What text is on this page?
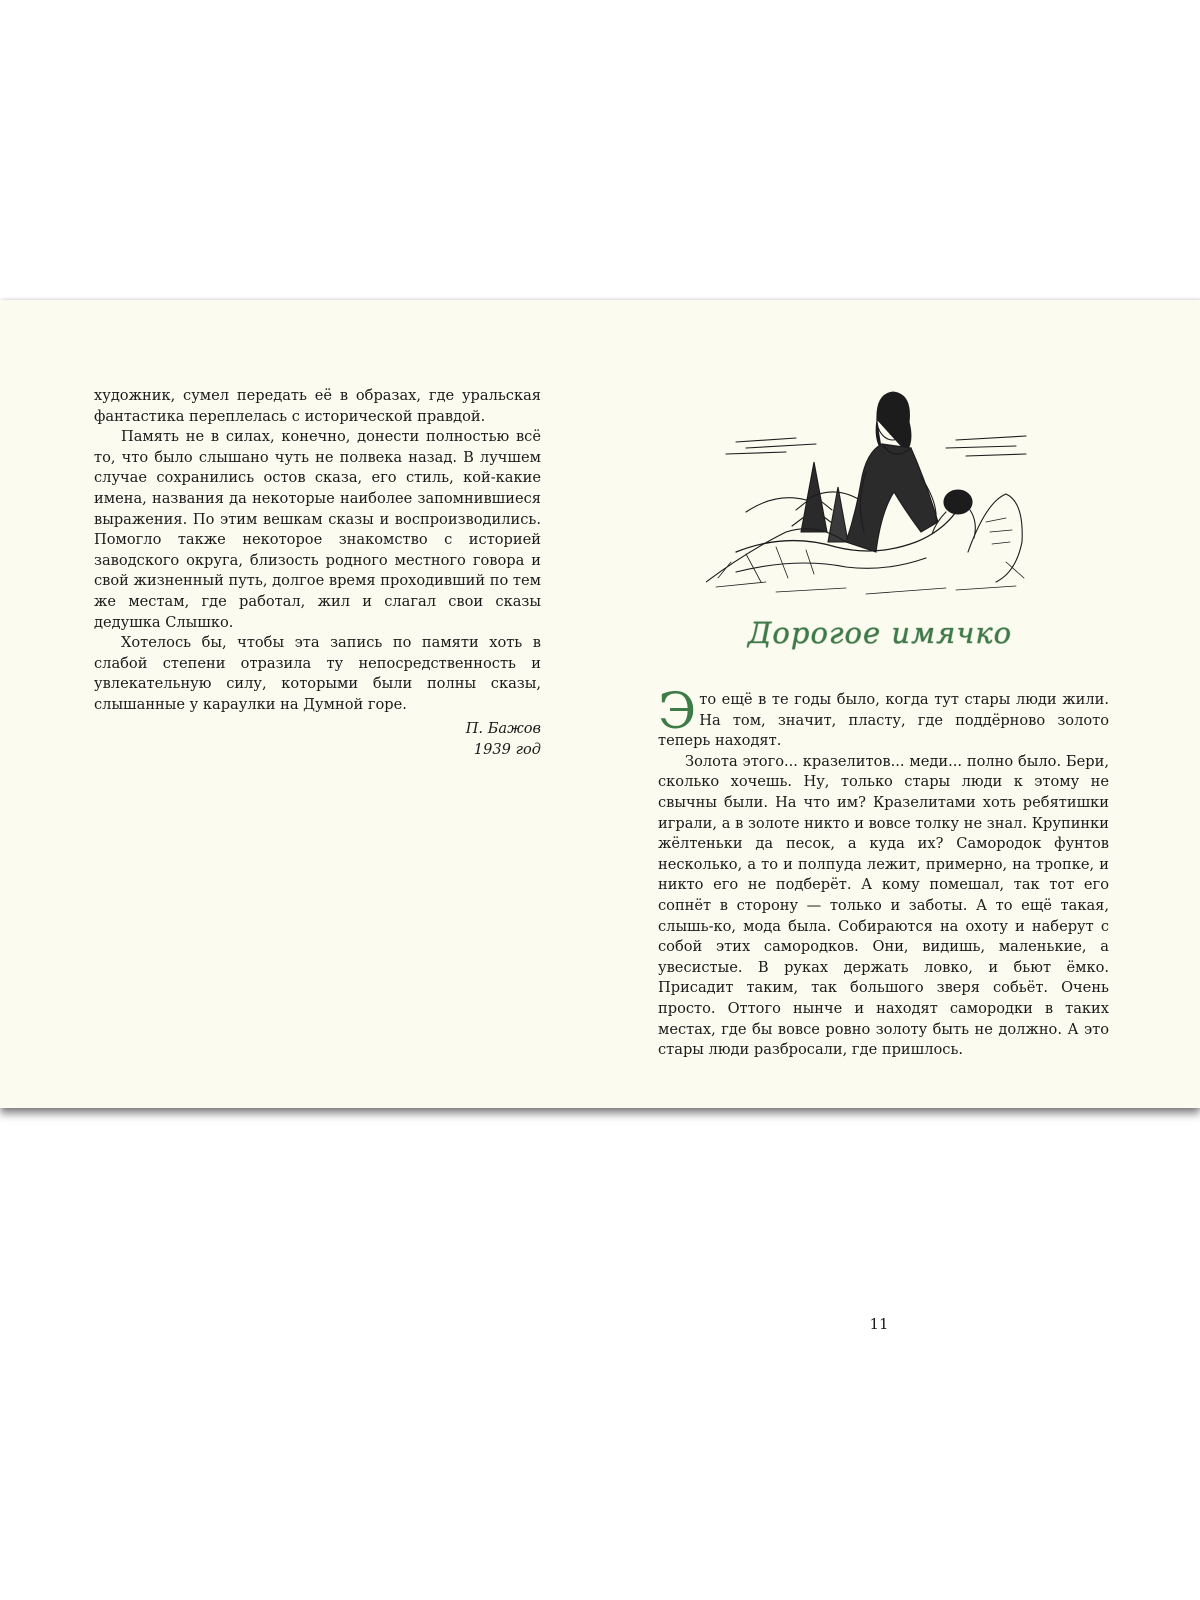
художник, сумел передать её в образах, где уральская фантастика переплелась с исторической правдой.

Память не в силах, конечно, донести полностью всё то, что было слышано чуть не полвека назад. В лучшем случае сохранились остов сказа, его стиль, кой-какие имена, названия да некоторые наиболее запомнившиеся выражения. По этим вешкам сказы и воспроизводились. Помогло также некоторое знакомство с историей заводского округа, близость родного местного говора и свой жизненный путь, долгое время проходивший по тем же местам, где работал, жил и слагал свои сказы дедушка Слышко.

Хотелось бы, чтобы эта запись по памяти хоть в слабой степени отразила ту непосредственность и увлекательную силу, которыми были полны сказы, слышанные у караулки на Думной горе.

П. Бажов
1939 год
Дорогое имячко

Это ещё в те годы было, когда тут стары люди жили. На том, значит, пласту, где поддёрново золото теперь находят.

Золота этого... кразелитов... меди... полно было. Бери, сколько хочешь. Ну, только стары люди к этому не свычны были. На что им? Кразелитами хоть ребятишки играли, а в золоте никто и вовсе толку не знал. Крупинки жёлтеньки да песок, а куда их? Самородок фунтов несколько, а то и полпуда лежит, примерно, на тропке, и никто его не подберёт. А кому помешал, так тот его сопнёт в сторону — только и заботы. А то ещё такая, слышь-ко, мода была. Собираются на охоту и наберут с собой этих самородков. Они, видишь, маленькие, а увесистые. В руках держать ловко, и бьют ёмко. Присадит таким, так большого зверя собьёт. Очень просто. Оттого нынче и находят самородки в таких местах, где бы вовсе ровно золоту быть не должно. А это стары люди разбросали, где пришлось.

11
